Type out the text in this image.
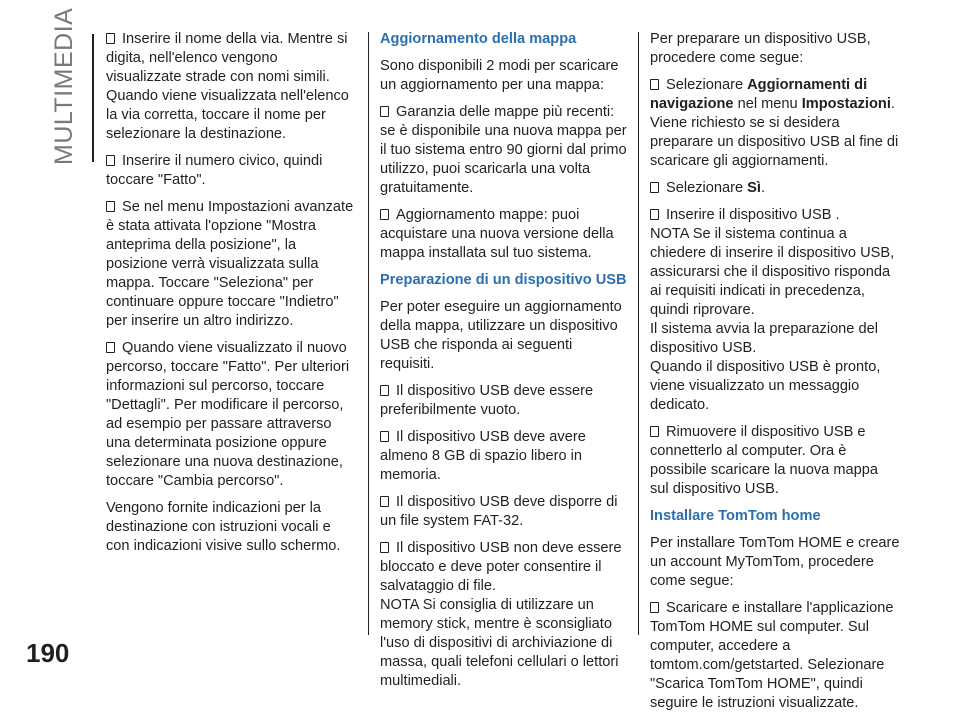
MULTIMEDIA
190

Inserire il nome della via. Mentre si digita, nell'elenco vengono visualizzate strade con nomi simili. Quando viene visualizzata nell'elenco la via corretta, toccare il nome per selezionare la destinazione.

Inserire il numero civico, quindi toccare "Fatto".

Se nel menu Impostazioni avanzate è stata attivata l'opzione "Mostra anteprima della posizione", la posizione verrà visualizzata sulla mappa. Toccare "Seleziona" per continuare oppure toccare "Indietro" per inserire un altro indirizzo.

Quando viene visualizzato il nuovo percorso, toccare "Fatto". Per ulteriori informazioni sul percorso, toccare "Dettagli". Per modificare il percorso, ad esempio per passare attraverso una determinata posizione oppure selezionare una nuova destinazione, toccare "Cambia percorso".

Vengono fornite indicazioni per la destinazione con istruzioni vocali e con indicazioni visive sullo schermo.

Aggiornamento della mappa

Sono disponibili 2 modi per scaricare un aggiornamento per una mappa:

Garanzia delle mappe più recenti: se è disponibile una nuova mappa per il tuo sistema entro 90 giorni dal primo utilizzo, puoi scaricarla una volta gratuitamente.

Aggiornamento mappe: puoi acquistare una nuova versione della mappa installata sul tuo sistema.

Preparazione di un dispositivo USB

Per poter eseguire un aggiornamento della mappa, utilizzare un dispositivo USB che risponda ai seguenti requisiti.

Il dispositivo USB deve essere preferibilmente vuoto.

Il dispositivo USB deve avere almeno 8 GB di spazio libero in memoria.

Il dispositivo USB deve disporre di un file system FAT-32.

Il dispositivo USB non deve essere bloccato e deve poter consentire il salvataggio di file.

NOTA Si consiglia di utilizzare un memory stick, mentre è sconsigliato l'uso di dispositivi di archiviazione di massa, quali telefoni cellulari o lettori multimediali.

Per preparare un dispositivo USB, procedere come segue:

Selezionare Aggiornamenti di navigazione nel menu Impostazioni.

Viene richiesto se si desidera preparare un dispositivo USB al fine di scaricare gli aggiornamenti.

Selezionare Sì.

Inserire il dispositivo USB .

NOTA Se il sistema continua a chiedere di inserire il dispositivo USB, assicurarsi che il dispositivo risponda ai requisiti indicati in precedenza, quindi riprovare.

Il sistema avvia la preparazione del dispositivo USB.

Quando il dispositivo USB è pronto, viene visualizzato un messaggio dedicato.

Rimuovere il dispositivo USB e connetterlo al computer. Ora è possibile scaricare la nuova mappa sul dispositivo USB.

Installare TomTom home

Per installare TomTom HOME e creare un account MyTomTom, procedere come segue:

Scaricare e installare l'applicazione TomTom HOME sul computer. Sul computer, accedere a tomtom.com/getstarted. Selezionare "Scarica TomTom HOME", quindi seguire le istruzioni visualizzate.
